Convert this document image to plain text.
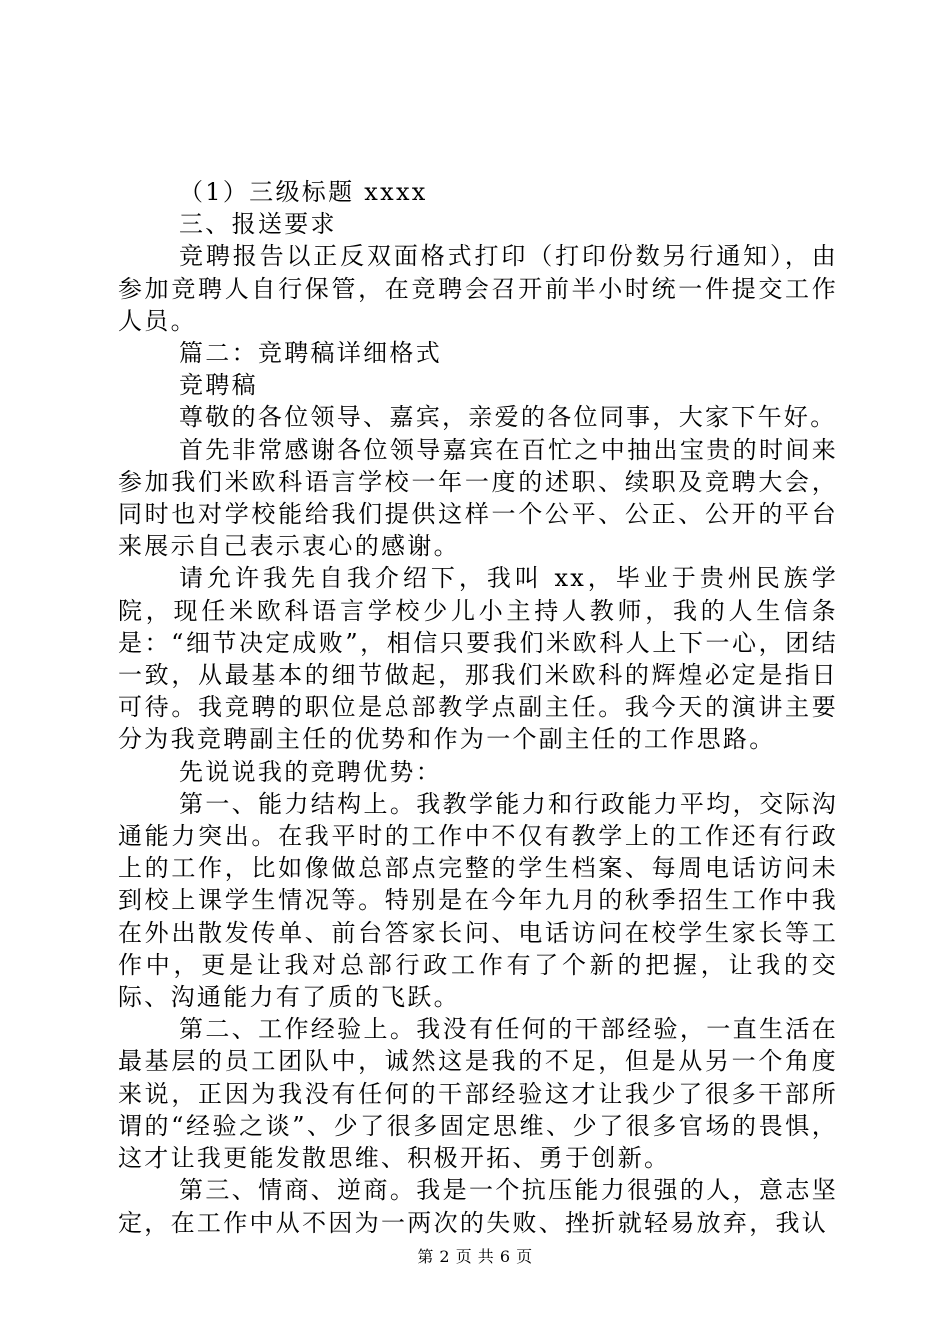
（1）三级标题 xxxx

三、报送要求

竞聘报告以正反双面格式打印（打印份数另行通知），由参加竞聘人自行保管，在竞聘会召开前半小时统一件提交工作人员。

篇二：竞聘稿详细格式

竞聘稿

尊敬的各位领导、嘉宾，亲爱的各位同事，大家下午好。

首先非常感谢各位领导嘉宾在百忙之中抽出宝贵的时间来参加我们米欧科语言学校一年一度的述职、续职及竞聘大会，同时也对学校能给我们提供这样一个公平、公正、公开的平台来展示自己表示衷心的感谢。

请允许我先自我介绍下，我叫 xx，毕业于贵州民族学院，现任米欧科语言学校少儿小主持人教师，我的人生信条是：“细节决定成败”，相信只要我们米欧科人上下一心，团结一致，从最基本的细节做起，那我们米欧科的辉煌必定是指日可待。我竞聘的职位是总部教学点副主任。我今天的演讲主要分为我竞聘副主任的优势和作为一个副主任的工作思路。

先说说我的竞聘优势：

第一、能力结构上。我教学能力和行政能力平均，交际沟通能力突出。在我平时的工作中不仅有教学上的工作还有行政上的工作，比如像做总部点完整的学生档案、每周电话访问未到校上课学生情况等。特别是在今年九月的秋季招生工作中我在外出散发传单、前台答家长问、电话访问在校学生家长等工作中，更是让我对总部行政工作有了个新的把握，让我的交际、沟通能力有了质的飞跃。

第二、工作经验上。我没有任何的干部经验，一直生活在最基层的员工团队中，诚然这是我的不足，但是从另一个角度来说，正因为我没有任何的干部经验这才让我少了很多干部所谓的“经验之谈”、少了很多固定思维、少了很多官场的畏惧，这才让我更能发散思维、积极开拓、勇于创新。

第三、情商、逆商。我是一个抗压能力很强的人，意志坚定，在工作中从不因为一两次的失败、挫折就轻易放弃，我认

第 2 页 共 6 页
